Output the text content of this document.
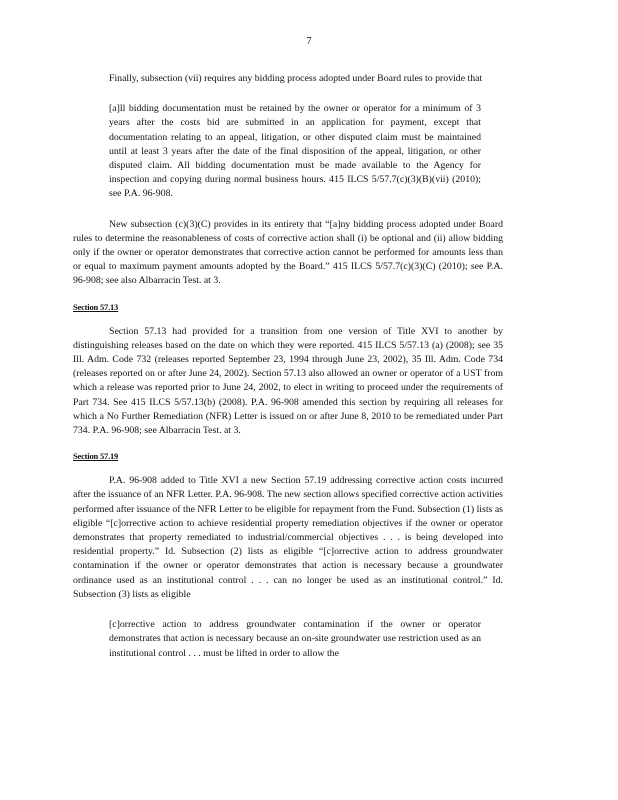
7

Finally, subsection (vii) requires any bidding process adopted under Board rules to provide that

[a]ll bidding documentation must be retained by the owner or operator for a minimum of 3 years after the costs bid are submitted in an application for payment, except that documentation relating to an appeal, litigation, or other disputed claim must be maintained until at least 3 years after the date of the final disposition of the appeal, litigation, or other disputed claim. All bidding documentation must be made available to the Agency for inspection and copying during normal business hours. 415 ILCS 5/57.7(c)(3)(B)(vii) (2010); see P.A. 96-908.

New subsection (c)(3)(C) provides in its entirety that “[a]ny bidding process adopted under Board rules to determine the reasonableness of costs of corrective action shall (i) be optional and (ii) allow bidding only if the owner or operator demonstrates that corrective action cannot be performed for amounts less than or equal to maximum payment amounts adopted by the Board.” 415 ILCS 5/57.7(c)(3)(C) (2010); see P.A. 96-908; see also Albarracin Test. at 3.

Section 57.13

Section 57.13 had provided for a transition from one version of Title XVI to another by distinguishing releases based on the date on which they were reported. 415 ILCS 5/57.13 (a) (2008); see 35 Ill. Adm. Code 732 (releases reported September 23, 1994 through June 23, 2002), 35 Ill. Adm. Code 734 (releases reported on or after June 24, 2002). Section 57.13 also allowed an owner or operator of a UST from which a release was reported prior to June 24, 2002, to elect in writing to proceed under the requirements of Part 734. See 415 ILCS 5/57.13(b) (2008). P.A. 96-908 amended this section by requiring all releases for which a No Further Remediation (NFR) Letter is issued on or after June 8, 2010 to be remediated under Part 734. P.A. 96-908; see Albarracin Test. at 3.

Section 57.19

P.A. 96-908 added to Title XVI a new Section 57.19 addressing corrective action costs incurred after the issuance of an NFR Letter. P.A. 96-908. The new section allows specified corrective action activities performed after issuance of the NFR Letter to be eligible for repayment from the Fund. Subsection (1) lists as eligible “[c]orrective action to achieve residential property remediation objectives if the owner or operator demonstrates that property remediated to industrial/commercial objectives . . . is being developed into residential property.” Id. Subsection (2) lists as eligible “[c]orrective action to address groundwater contamination if the owner or operator demonstrates that action is necessary because a groundwater ordinance used as an institutional control . . . can no longer be used as an institutional control.” Id. Subsection (3) lists as eligible

[c]orrective action to address groundwater contamination if the owner or operator demonstrates that action is necessary because an on-site groundwater use restriction used as an institutional control . . . must be lifted in order to allow the
